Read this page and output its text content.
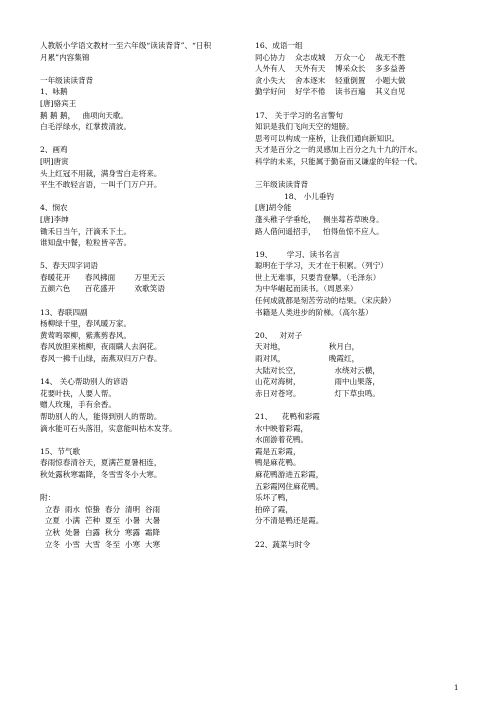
人教版小学语文教材一至六年级“读读背背”、“日积
月累”内容集锦
一年级读读背背
1、咏鹅
[唐]骆宾王
鹅 鹅 鹅，   曲项向天歌。
白毛浮绿水，红掌拨清波。
2、画鸡
[明]唐寅
头上红冠不用裁，满身雪白走将来。
平生不敢轻言语，一叫千门万户开。
4、悯农
[唐]李绅
锄禾日当午，汗滴禾下土。
谁知盘中餐，粒粒皆辛苦。
5、春天四字词语
春暖花开      春风拂面        万里无云
五颜六色      百花盛开        欢歌笑语
13、春联四副
杨柳绿千里，春风暖万家。
黄莺鸣翠柳，紫燕剪春风。
春风放胆来梳柳，夜雨瞒人去润花。
春风一拂千山绿，南燕双归万户春。
14、 关心帮助别人的谚语
花要叶扶，人要人帮。
赠人玫瑰，手有余香。
帮助别人的人，能得到别人的帮助。
滴水能可石头落泪，实意能叫枯木发芽。
15、节气歌
春雨惊春清谷天，夏满芒夏暑相连，
秋处露秋寒霜降，冬雪雪冬小大寒。
附：
立春  雨水  惊蛰  春分  清明  谷雨
立夏  小满  芒种  夏至  小暑  大暑
立秋  处暑  白露  秋分  寒露  霜降
立冬  小雪  大雪  冬至  小寒  大寒
16、成语一组
同心协力    众志成城    万众一心    战无不胜
人外有人    天外有天    博采众长    多多益善
贪小失大    舍本逐末    轻重倒置    小题大做
勤学好问    好学不倦    读书百遍    其义自见
17、 关于学习的名言警句
知识是我们飞向天空的翅膀。
思考可以构成一座桥，让我们通向新知识。
天才是百分之一的灵感加上百分之九十九的汗水。
科学的未来，只能属于勤奋而又谦虚的年轻一代。
三年级读读背背
18、 小儿垂钓
[唐]胡令能
蓬头稚子学垂纶，   侧坐莓苔草映身。
路人借问遥招手，   怕得鱼惊不应人。
19、      学习、读书名言
聪明在于学习，天才在于积累。（列宁）
世上无难事，只要肯登攀。（毛泽东）
为中华崛起而读书。（周恩来）
任何成就都是刻苦劳动的结果。（宋庆龄）
书籍是人类进步的阶梯。（高尔基）
20、   对对子
天对地，                  秋月白，
雨对风，                  晚霞红，
大陆对长空，              水绕对云横，
山花对海树，              雨中山果落，
赤日对苍穹。              灯下草虫鸣。
21、    花鸭和彩霞
水中映着彩霞，
水面游着花鸭。
霞是五彩霞，
鸭是麻花鸭。
麻花鸭游进五彩霞，
五彩霞网住麻花鸭。
乐坏了鸭，
拍碎了霞，
分不清是鸭还是霞。
22、蔬菜与时令
1
